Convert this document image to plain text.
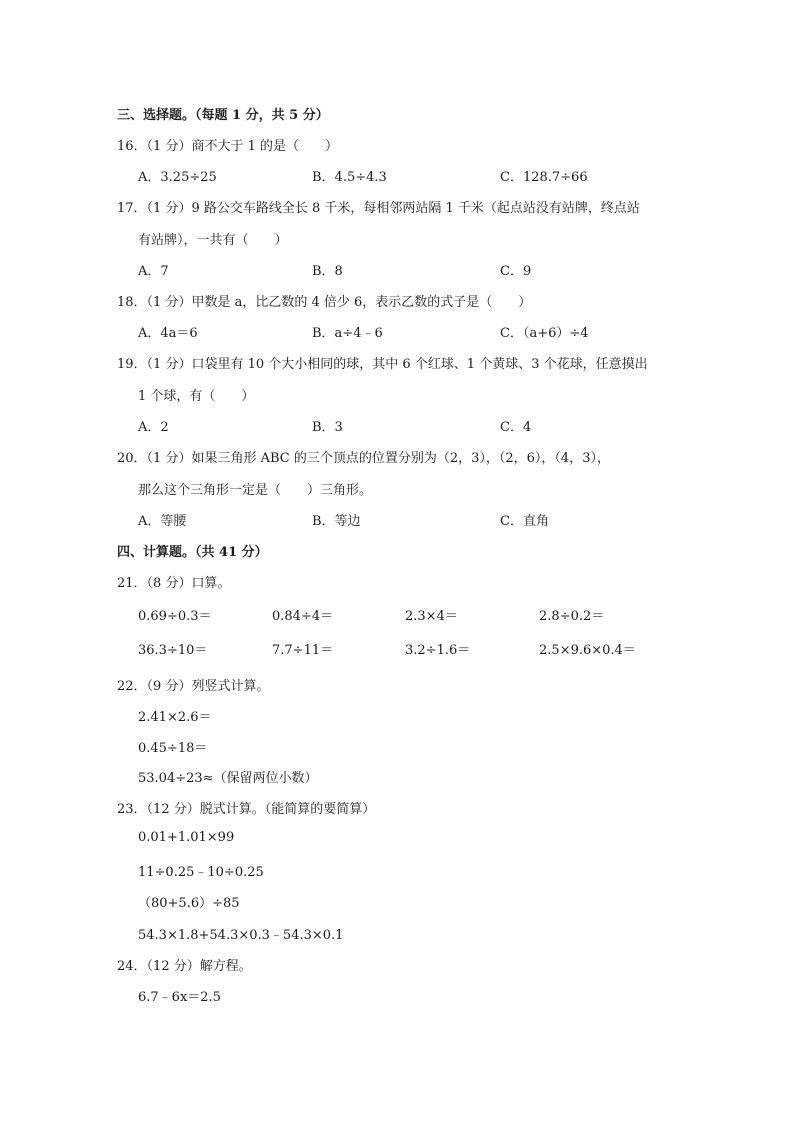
三、选择题。（每题 1 分，共 5 分）
16．（1 分）商不大于 1 的是（　　）
A．3.25÷25	B．4.5÷4.3	C．128.7÷66
17．（1 分）9 路公交车路线全长 8 千米，每相邻两站隔 1 千米（起点站没有站牌，终点站
有站牌），一共有（　　）
A．7	B．8	C．9
18．（1 分）甲数是 a，比乙数的 4 倍少 6，表示乙数的式子是（　　）
A．4a＝6	B．a÷4﹣6	C．（a+6）÷4
19．（1 分）口袋里有 10 个大小相同的球，其中 6 个红球、1 个黄球、3 个花球，任意摸出
1 个球，有（　　）
A．2	B．3	C．4
20．（1 分）如果三角形 ABC 的三个顶点的位置分别为（2，3），（2，6），（4，3），
那么这个三角形一定是（　　）三角形。
A．等腰	B．等边	C．直角
四、计算题。（共 41 分）
21．（8 分）口算。
0.69÷0.3＝	0.84÷4＝	2.3×4＝	2.8÷0.2＝
36.3÷10＝	7.7÷11＝	3.2÷1.6＝	2.5×9.6×0.4＝
22．（9 分）列竖式计算。
2.41×2.6＝
0.45÷18＝
53.04÷23≈（保留两位小数）
23．（12 分）脱式计算。（能简算的要简算）
0.01+1.01×99
11÷0.25﹣10÷0.25
（80+5.6）÷85
54.3×1.8+54.3×0.3﹣54.3×0.1
24．（12 分）解方程。
6.7﹣6x＝2.5
